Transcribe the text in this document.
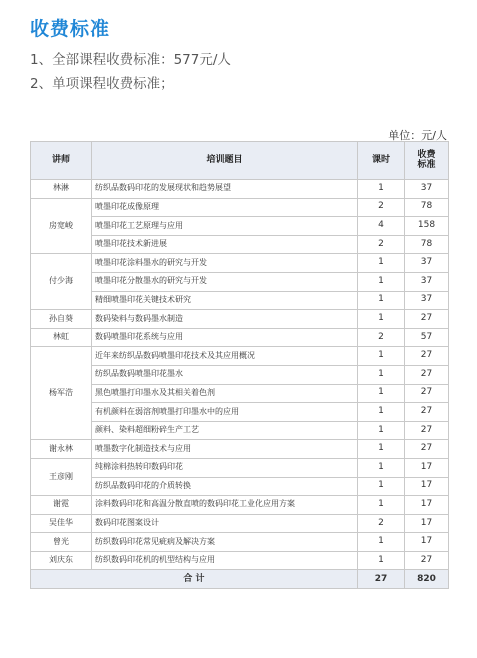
收费标准
1、全部课程收费标准：577元/人
2、单项课程收费标准；
单位：元/人
讲师	培训题目	课时	收费
标准
林淋	纺织品数码印花的发展现状和趋势展望	1	37
房宽峻	喷墨印花成像原理	2	78
	喷墨印花工艺原理与应用	4	158
	喷墨印花技术新进展	2	78
付少海	喷墨印花涂料墨水的研究与开发	1	37
	喷墨印花分散墨水的研究与开发	1	37
	精细喷墨印花关键技术研究	1	37
孙自葵	数码染料与数码墨水制造	1	27
林虹	数码喷墨印花系统与应用	2	57
杨军浩	近年来纺织品数码喷墨印花技术及其应用概况	1	27
	纺织品数码喷墨印花墨水	1	27
	黑色喷墨打印墨水及其相关着色剂	1	27
	有机颜料在弱溶剂喷墨打印墨水中的应用	1	27
	颜料、染料超细粉碎生产工艺	1	27
谢永林	喷墨数字化制造技术与应用	1	27
王彦刚	纯棉涂料热转印数码印花	1	17
	纺织品数码印花的介质转换	1	17
谢霓	涂料数码印花和高温分散直喷的数码印花工业化应用方案	1	17
吴佳华	数码印花图案设计	2	17
曾光	纺织数码印花常见疵病及解决方案	1	17
刘庆东	纺织数码印花机的机型结构与应用	1	27
合 计		27	820
